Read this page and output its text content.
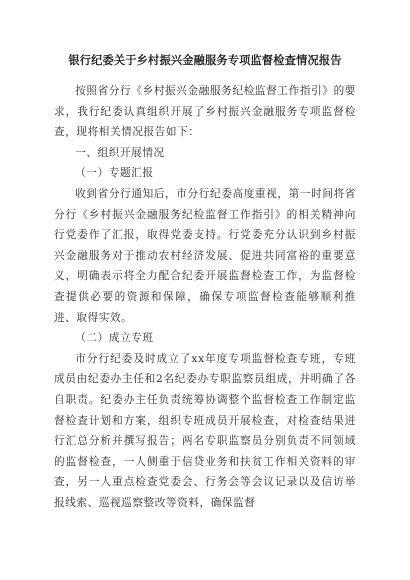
银行纪委关于乡村振兴金融服务专项监督检查情况报告

按照省分行《乡村振兴金融服务纪检监督工作指引》的要求，我行纪委认真组织开展了乡村振兴金融服务专项监督检查，现将相关情况报告如下：

一、组织开展情况

（一）专题汇报

收到省分行通知后，市分行纪委高度重视，第一时间将省分行《乡村振兴金融服务纪检监督工作指引》的相关精神向行党委作了汇报，取得党委支持。行党委充分认识到乡村振兴金融服务对于推动农村经济发展、促进共同富裕的重要意义，明确表示将全力配合纪委开展监督检查工作，为监督检查提供必要的资源和保障，确保专项监督检查能够顺利推进、取得实效。

（二）成立专班

市分行纪委及时成立了xx年度专项监督检查专班，专班成员由纪委办主任和2名纪委办专职监察员组成，并明确了各自职责。纪委办主任负责统筹协调整个监督检查工作制定监督检查计划和方案，组织专班成员开展检查，对检查结果进行汇总分析并撰写报告；两名专职监察员分别负责不同领域的监督检查，一人侧重于信贷业务和扶贫工作相关资料的审查，另一人重点检查党委会、行务会等会议记录以及信访举报线索、巡视巡察整改等资料，确保监督
